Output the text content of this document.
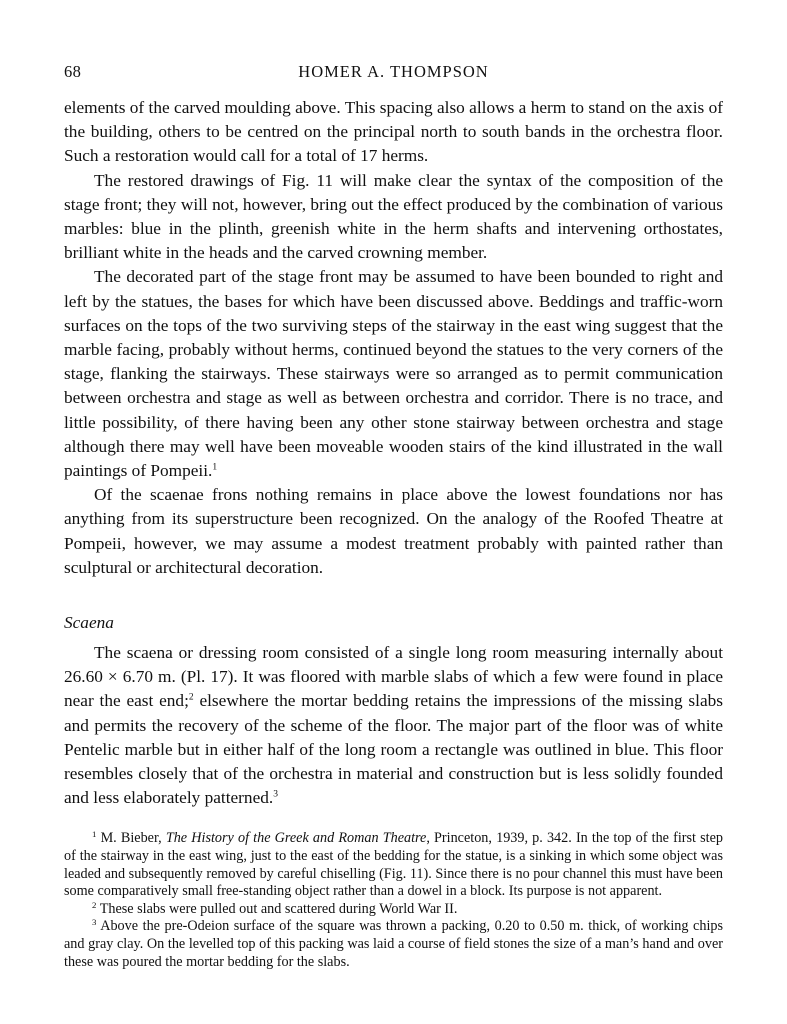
68	HOMER A. THOMPSON

elements of the carved moulding above. This spacing also allows a herm to stand on the axis of the building, others to be centred on the principal north to south bands in the orchestra floor. Such a restoration would call for a total of 17 herms.

The restored drawings of Fig. 11 will make clear the syntax of the composition of the stage front; they will not, however, bring out the effect produced by the combination of various marbles: blue in the plinth, greenish white in the herm shafts and intervening orthostates, brilliant white in the heads and the carved crowning member.

The decorated part of the stage front may be assumed to have been bounded to right and left by the statues, the bases for which have been discussed above. Beddings and traffic-worn surfaces on the tops of the two surviving steps of the stairway in the east wing suggest that the marble facing, probably without herms, continued beyond the statues to the very corners of the stage, flanking the stairways. These stairways were so arranged as to permit communication between orchestra and stage as well as between orchestra and corridor. There is no trace, and little possibility, of there having been any other stone stairway between orchestra and stage although there may well have been moveable wooden stairs of the kind illustrated in the wall paintings of Pompeii.$^1$

Of the scaenae frons nothing remains in place above the lowest foundations nor has anything from its superstructure been recognized. On the analogy of the Roofed Theatre at Pompeii, however, we may assume a modest treatment probably with painted rather than sculptural or architectural decoration.

Scaena

The scaena or dressing room consisted of a single long room measuring internally about 26.60 × 6.70 m. (Pl. 17). It was floored with marble slabs of which a few were found in place near the east end;$^2$ elsewhere the mortar bedding retains the impressions of the missing slabs and permits the recovery of the scheme of the floor. The major part of the floor was of white Pentelic marble but in either half of the long room a rectangle was outlined in blue. This floor resembles closely that of the orchestra in material and construction but is less solidly founded and less elaborately patterned.$^3$

$^1$ M. Bieber, The History of the Greek and Roman Theatre, Princeton, 1939, p. 342. In the top of the first step of the stairway in the east wing, just to the east of the bedding for the statue, is a sinking in which some object was leaded and subsequently removed by careful chiselling (Fig. 11). Since there is no pour channel this must have been some comparatively small free-standing object rather than a dowel in a block. Its purpose is not apparent.

$^2$ These slabs were pulled out and scattered during World War II.

$^3$ Above the pre-Odeion surface of the square was thrown a packing, 0.20 to 0.50 m. thick, of working chips and gray clay. On the levelled top of this packing was laid a course of field stones the size of a man’s hand and over these was poured the mortar bedding for the slabs.
